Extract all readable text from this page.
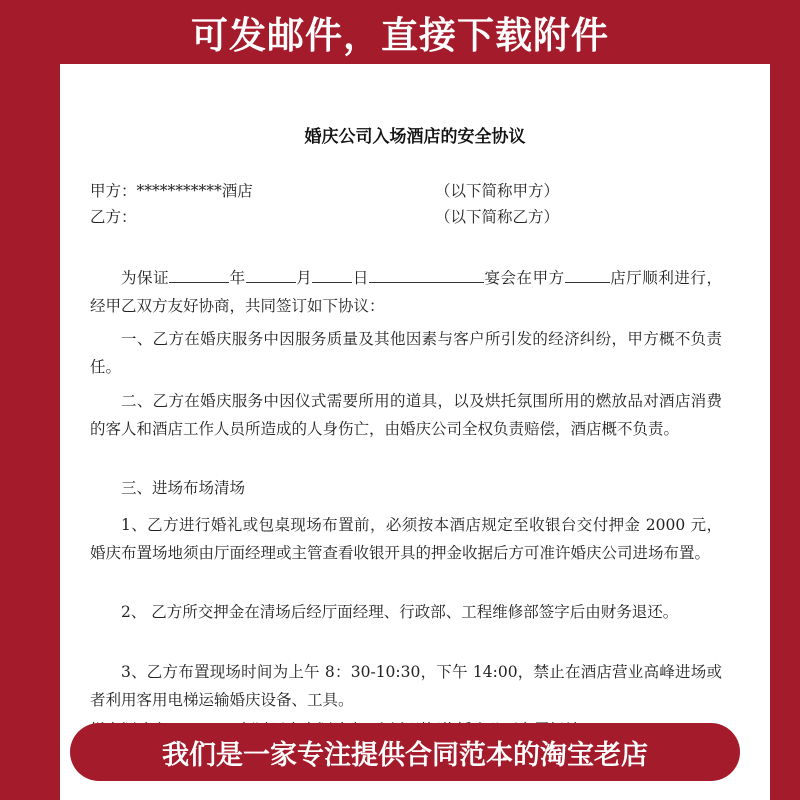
可发邮件，直接下载附件
婚庆公司入场酒店的安全协议
甲方：***********酒店	（以下简称甲方）
乙方：	（以下简称乙方）

为保证	年	月	日	宴会在甲方	店厅顺利进行，经甲乙双方友好协商，共同签订如下协议：

一、乙方在婚庆服务中因服务质量及其他因素与客户所引发的经济纠纷，甲方概不负责任。

二、乙方在婚庆服务中因仪式需要所用的道具，以及烘托氛围所用的燃放品对酒店消费的客人和酒店工作人员所造成的人身伤亡，由婚庆公司全权负责赔偿，酒店概不负责。

三、进场布场清场

1、乙方进行婚礼或包桌现场布置前，必须按本酒店规定至收银台交付押金 2000 元，婚庆布置场地须由厅面经理或主管查看收银开具的押金收据后方可准许婚庆公司进场布置。

2、 乙方所交押金在清场后经厅面经理、行政部、工程维修部签字后由财务退还。

3、乙方布置现场时间为上午 8：30-10:30，下午 14:00，禁止在酒店营业高峰进场或者利用客用电梯运输婚庆设备、工具。

我们是一家专注提供合同范本的淘宝老店
